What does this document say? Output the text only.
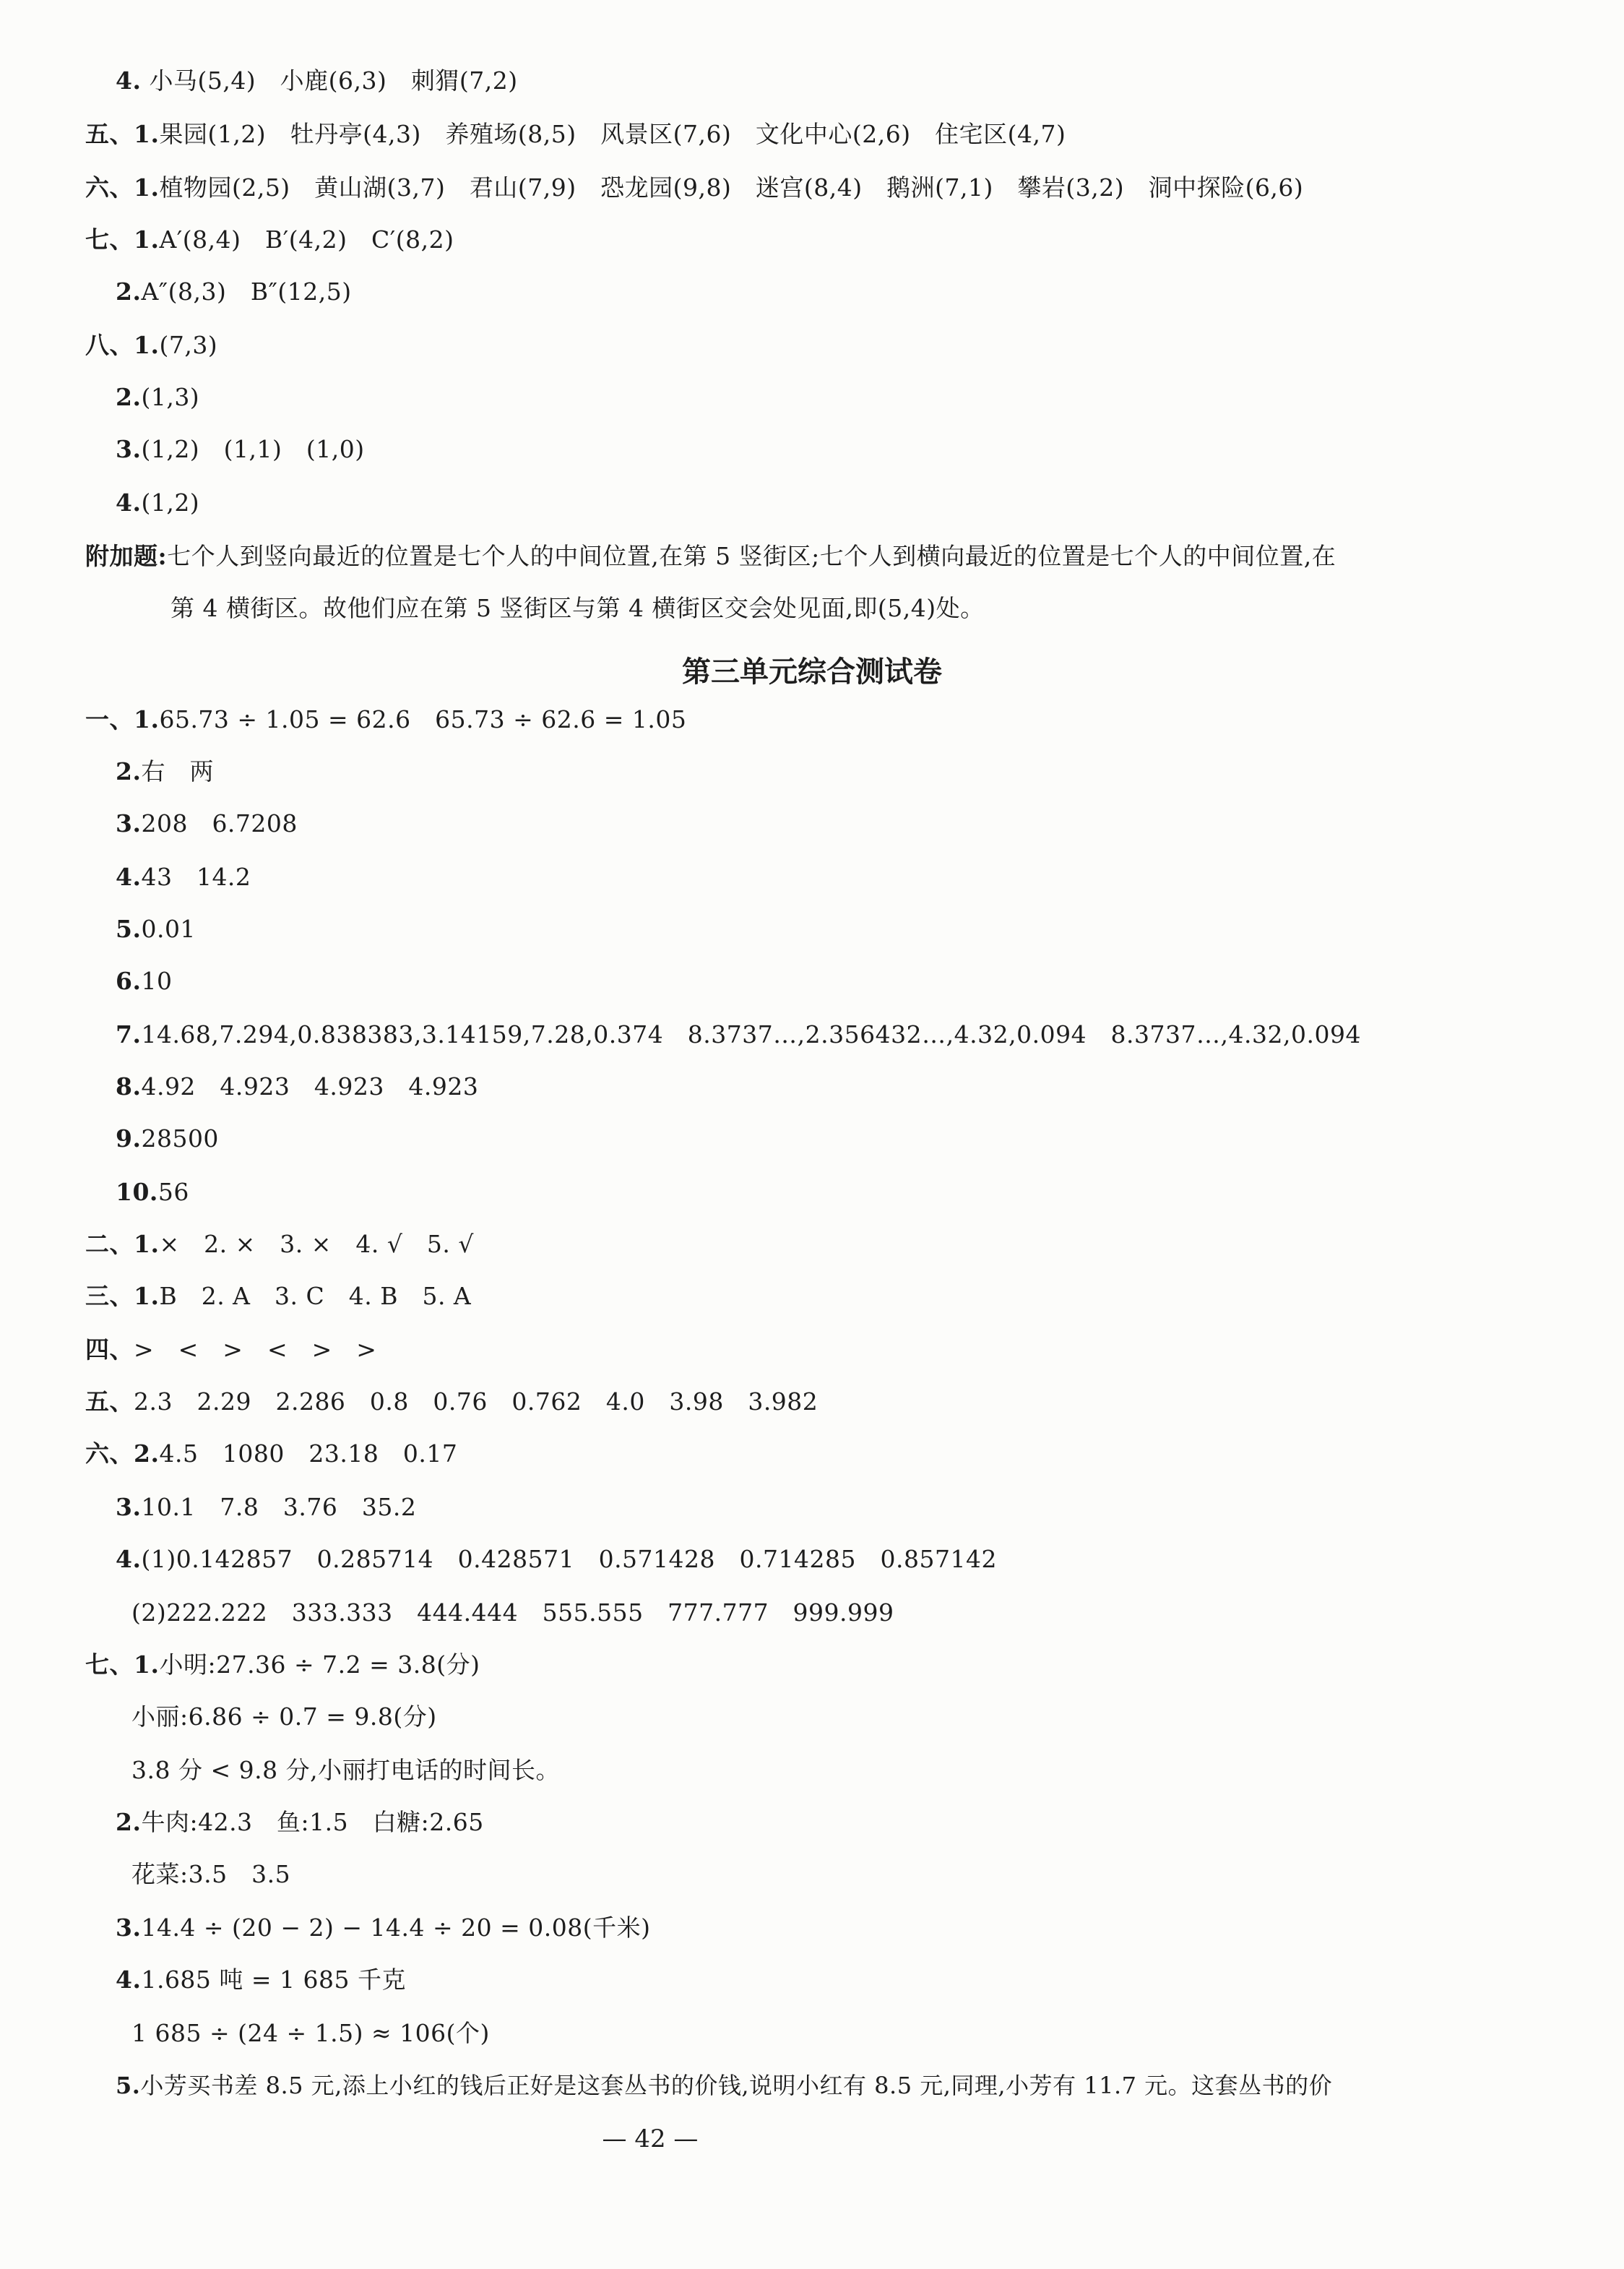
4. 小马(5,4)　小鹿(6,3)　刺猬(7,2)
五、1.果园(1,2)　牡丹亭(4,3)　养殖场(8,5)　风景区(7,6)　文化中心(2,6)　住宅区(4,7)
六、1.植物园(2,5)　黄山湖(3,7)　君山(7,9)　恐龙园(9,8)　迷宫(8,4)　鹅洲(7,1)　攀岩(3,2)　洞中探险(6,6)
七、1.A′(8,4)　B′(4,2)　C′(8,2)
2.A″(8,3)　B″(12,5)
八、1.(7,3)
2.(1,3)
3.(1,2)　(1,1)　(1,0)
4.(1,2)
附加题:七个人到竖向最近的位置是七个人的中间位置,在第 5 竖街区;七个人到横向最近的位置是七个人的中间位置,在
第 4 横街区。故他们应在第 5 竖街区与第 4 横街区交会处见面,即(5,4)处。
第三单元综合测试卷
一、1.65.73 ÷ 1.05 = 62.6　65.73 ÷ 62.6 = 1.05
2.右　两
3.208　6.7208
4.43　14.2
5.0.01
6.10
7.14.68,7.294,0.838383,3.14159,7.28,0.374　8.3737…,2.356432…,4.32,0.094　8.3737…,4.32,0.094
8.4.92　4.923　4.923　4.923
9.28500
10.56
二、1.×　2. ×　3. ×　4. √　5. √
三、1.B　2. A　3. C　4. B　5. A
四、>　<　>　<　>　>
五、2.3　2.29　2.286　0.8　0.76　0.762　4.0　3.98　3.982
六、2.4.5　1080　23.18　0.17
3.10.1　7.8　3.76　35.2
4.(1)0.142857　0.285714　0.428571　0.571428　0.714285　0.857142
(2)222.222　333.333　444.444　555.555　777.777　999.999
七、1.小明:27.36 ÷ 7.2 = 3.8(分)
小丽:6.86 ÷ 0.7 = 9.8(分)
3.8 分 < 9.8 分,小丽打电话的时间长。
2.牛肉:42.3　鱼:1.5　白糖:2.65
花菜:3.5　3.5
3.14.4 ÷ (20 − 2) − 14.4 ÷ 20 = 0.08(千米)
4.1.685 吨 = 1 685 千克
1 685 ÷ (24 ÷ 1.5) ≈ 106(个)
5.小芳买书差 8.5 元,添上小红的钱后正好是这套丛书的价钱,说明小红有 8.5 元,同理,小芳有 11.7 元。这套丛书的价
— 42 —
